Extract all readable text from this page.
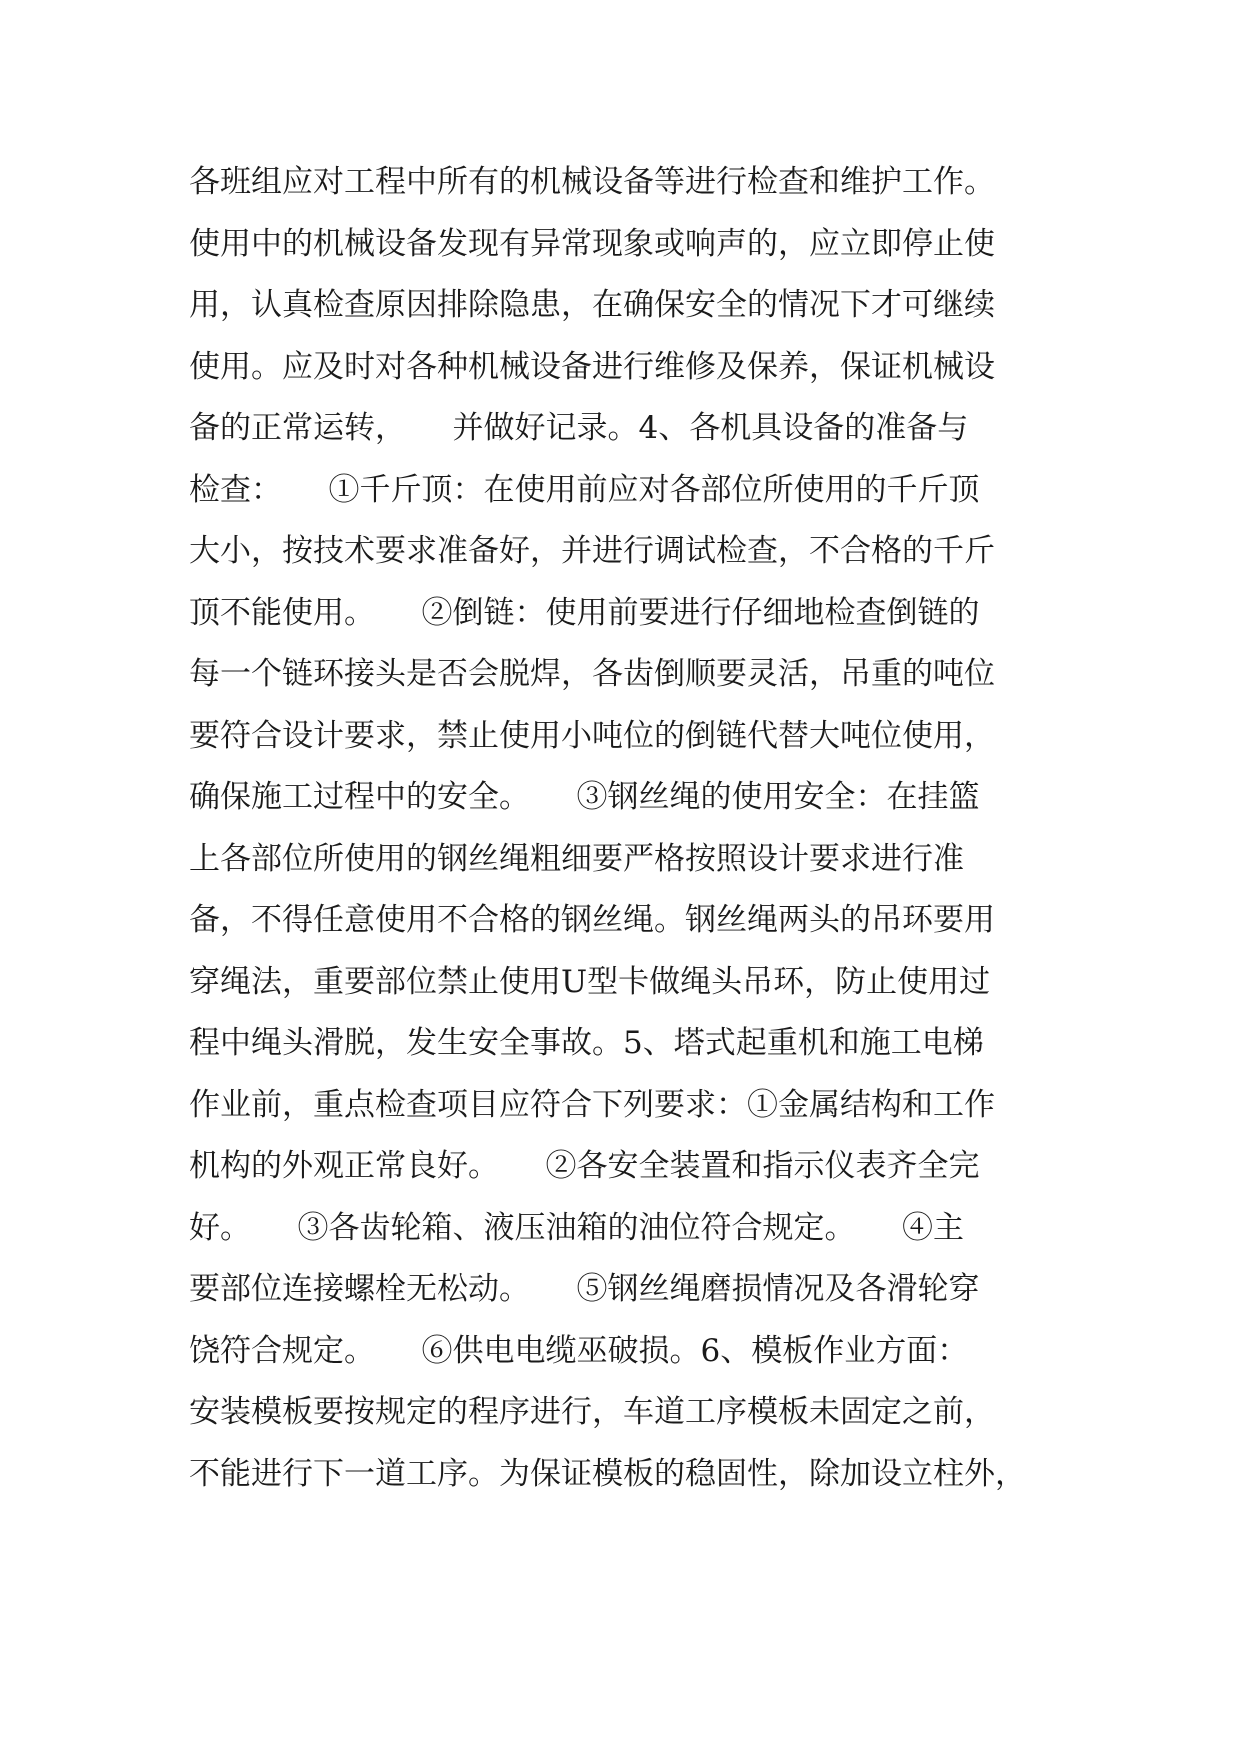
各班组应对工程中所有的机械设备等进行检查和维护工作。
使用中的机械设备发现有异常现象或响声的，应立即停止使
用，认真检查原因排除隐患，在确保安全的情况下才可继续
使用。应及时对各种机械设备进行维修及保养，保证机械设
备的正常运转，　　并做好记录。4、各机具设备的准备与
检查：　　①千斤顶：在使用前应对各部位所使用的千斤顶
大小，按技术要求准备好，并进行调试检查，不合格的千斤
顶不能使用。　　②倒链：使用前要进行仔细地检查倒链的
每一个链环接头是否会脱焊，各齿倒顺要灵活，吊重的吨位
要符合设计要求，禁止使用小吨位的倒链代替大吨位使用，
确保施工过程中的安全。　　③钢丝绳的使用安全：在挂篮
上各部位所使用的钢丝绳粗细要严格按照设计要求进行准
备，不得任意使用不合格的钢丝绳。钢丝绳两头的吊环要用
穿绳法，重要部位禁止使用U型卡做绳头吊环，防止使用过
程中绳头滑脱，发生安全事故。5、塔式起重机和施工电梯
作业前，重点检查项目应符合下列要求：①金属结构和工作
机构的外观正常良好。　　②各安全装置和指示仪表齐全完
好。　　③各齿轮箱、液压油箱的油位符合规定。　　④主
要部位连接螺栓无松动。　　⑤钢丝绳磨损情况及各滑轮穿
饶符合规定。　　⑥供电电缆巫破损。6、模板作业方面：
安装模板要按规定的程序进行，车道工序模板未固定之前，
不能进行下一道工序。为保证模板的稳固性，除加设立柱外，
